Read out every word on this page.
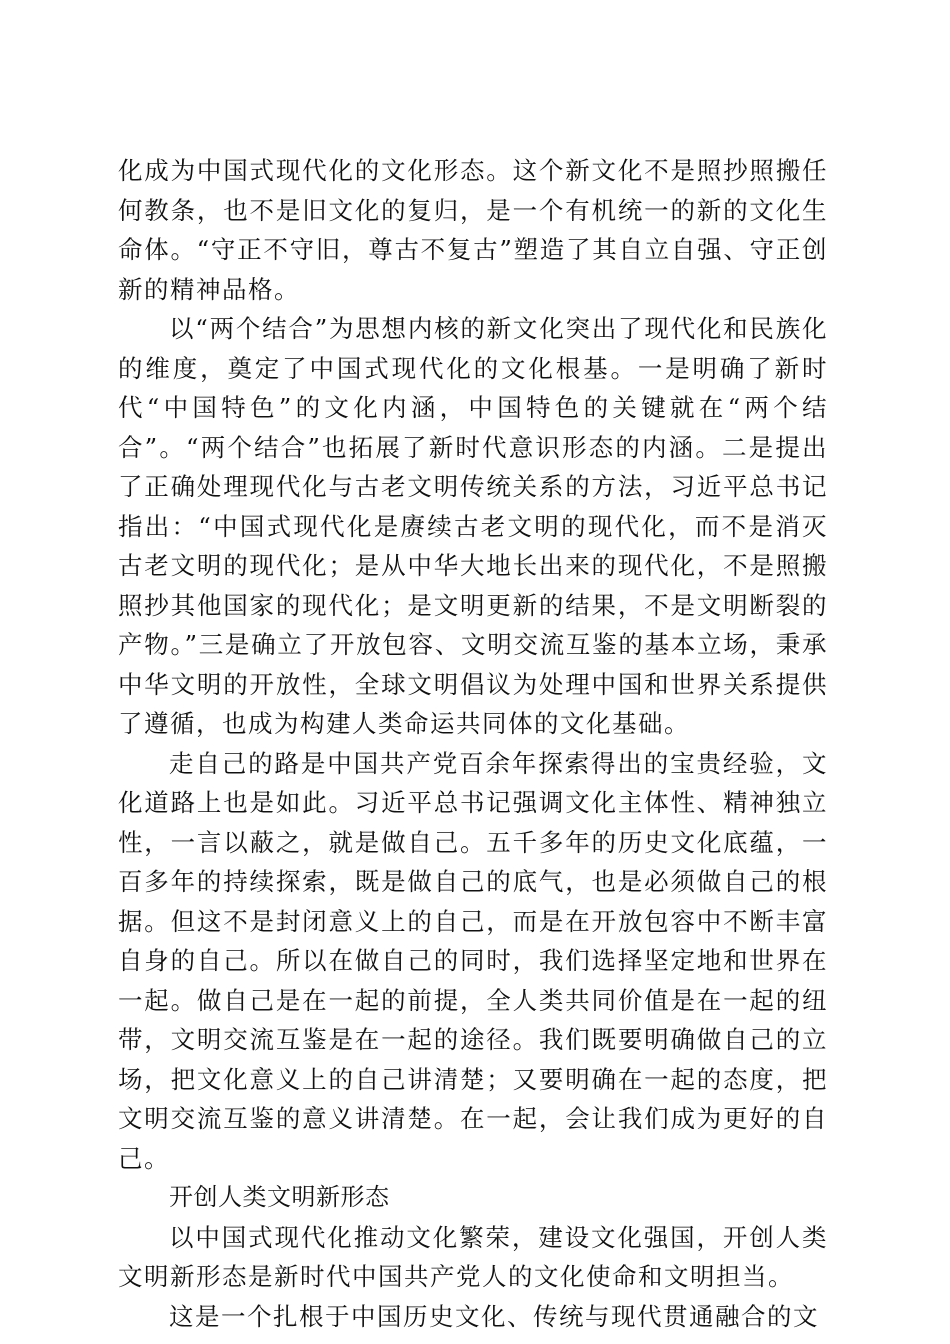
化成为中国式现代化的文化形态。这个新文化不是照抄照搬任何教条，也不是旧文化的复归，是一个有机统一的新的文化生命体。“守正不守旧，尊古不复古”塑造了其自立自强、守正创新的精神品格。

以“两个结合”为思想内核的新文化突出了现代化和民族化的维度，奠定了中国式现代化的文化根基。一是明确了新时代“中国特色”的文化内涵，中国特色的关键就在“两个结合”。“两个结合”也拓展了新时代意识形态的内涵。二是提出了正确处理现代化与古老文明传统关系的方法，习近平总书记指出：“中国式现代化是赓续古老文明的现代化，而不是消灭古老文明的现代化；是从中华大地长出来的现代化，不是照搬照抄其他国家的现代化；是文明更新的结果，不是文明断裂的产物。”三是确立了开放包容、文明交流互鉴的基本立场，秉承中华文明的开放性，全球文明倡议为处理中国和世界关系提供了遵循，也成为构建人类命运共同体的文化基础。

走自己的路是中国共产党百余年探索得出的宝贵经验，文化道路上也是如此。习近平总书记强调文化主体性、精神独立性，一言以蔽之，就是做自己。五千多年的历史文化底蕴，一百多年的持续探索，既是做自己的底气，也是必须做自己的根据。但这不是封闭意义上的自己，而是在开放包容中不断丰富自身的自己。所以在做自己的同时，我们选择坚定地和世界在一起。做自己是在一起的前提，全人类共同价值是在一起的纽带，文明交流互鉴是在一起的途径。我们既要明确做自己的立场，把文化意义上的自己讲清楚；又要明确在一起的态度，把文明交流互鉴的意义讲清楚。在一起，会让我们成为更好的自己。

开创人类文明新形态

以中国式现代化推动文化繁荣，建设文化强国，开创人类文明新形态是新时代中国共产党人的文化使命和文明担当。

这是一个扎根于中国历史文化、传统与现代贯通融合的文
